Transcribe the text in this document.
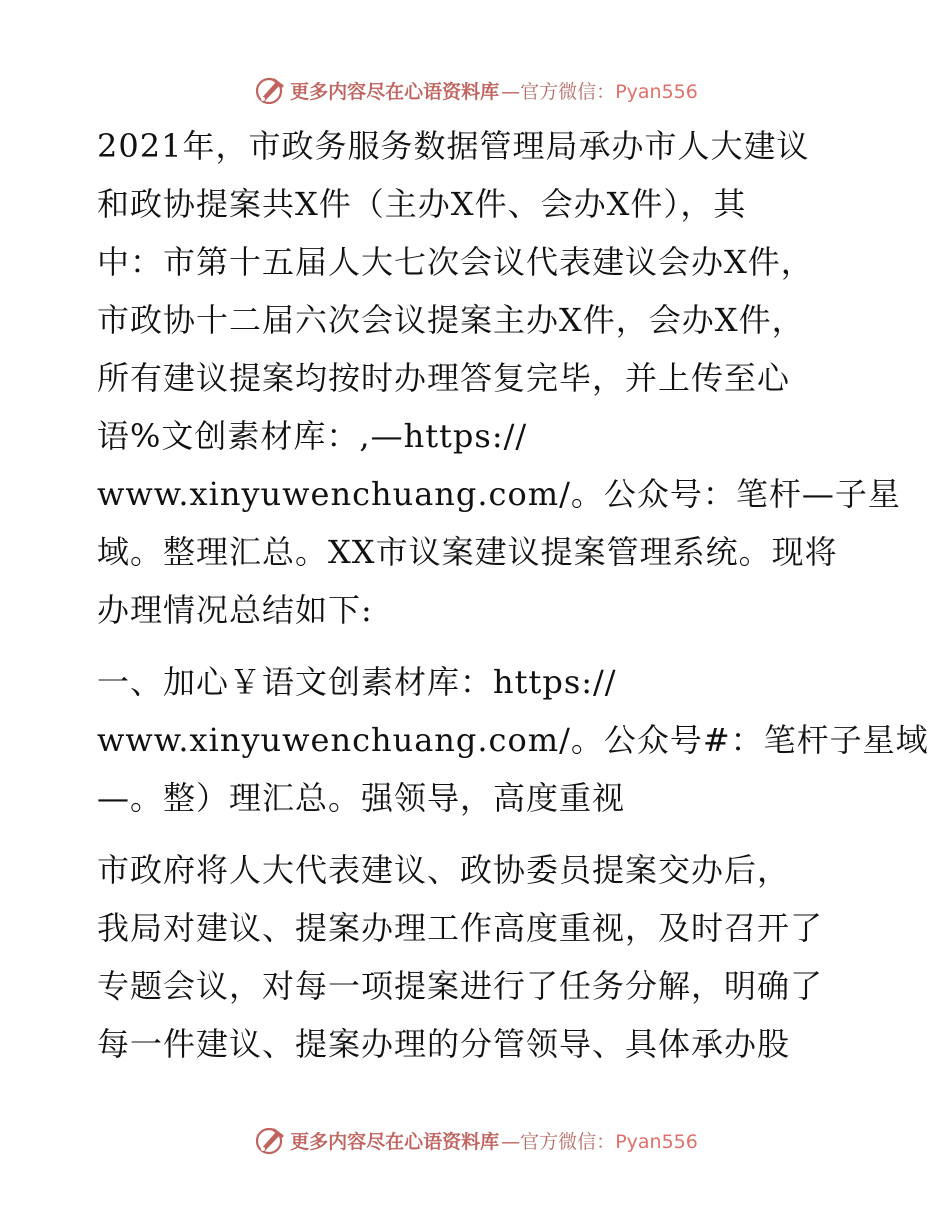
更多内容尽在心语资料库 — 官方微信：Pyan556

2021年，市政务服务数据管理局承办市人大建议
和政协提案共X件（主办X件、会办X件），其
中：市第十五届人大七次会议代表建议会办X件，
市政协十二届六次会议提案主办X件，会办X件，
所有建议提案均按时办理答复完毕，并上传至心
语%文创素材库：,—https://
www.xinyuwenchuang.com/。公众号：笔杆—子星
域。整理汇总。XX市议案建议提案管理系统。现将
办理情况总结如下:

一、加心￥语文创素材库：https://
www.xinyuwenchuang.com/。公众号#：笔杆子星域
—。整）理汇总。强领导，高度重视

市政府将人大代表建议、政协委员提案交办后，
我局对建议、提案办理工作高度重视，及时召开了
专题会议，对每一项提案进行了任务分解，明确了
每一件建议、提案办理的分管领导、具体承办股

更多内容尽在心语资料库 — 官方微信：Pyan556
